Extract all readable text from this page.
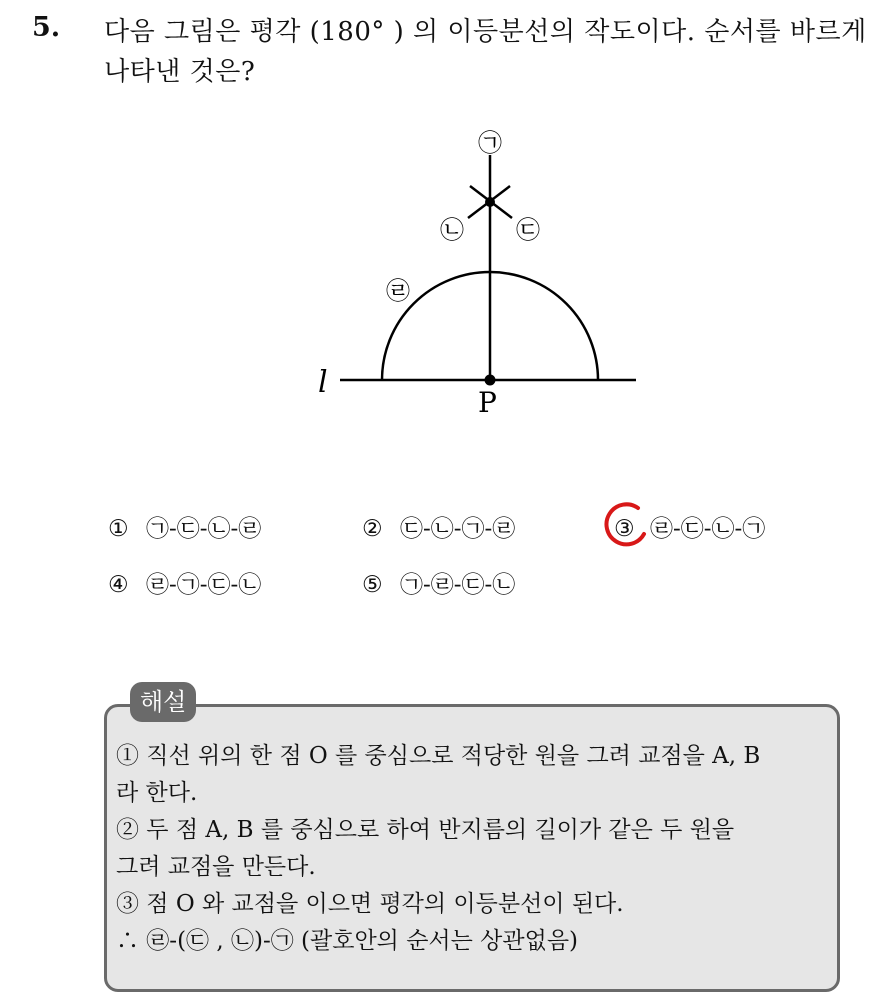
5. 다음 그림은 평각 (180° ) 의 이등분선의 작도이다. 순서를 바르게 나타낸 것은?
l
P
㉠
㉡ ㉢
㉣
① ㉠-㉢-㉡-㉣	② ㉢-㉡-㉠-㉣	③ ㉣-㉢-㉡-㉠
④ ㉣-㉠-㉢-㉡	⑤ ㉠-㉣-㉢-㉡
해설
① 직선 위의 한 점 O 를 중심으로 적당한 원을 그려 교점을 A, B
라 한다.
② 두 점 A, B 를 중심으로 하여 반지름의 길이가 같은 두 원을
그려 교점을 만든다.
③ 점 O 와 교점을 이으면 평각의 이등분선이 된다.
∴ ㉣-(㉢ , ㉡)-㉠ (괄호안의 순서는 상관없음)
